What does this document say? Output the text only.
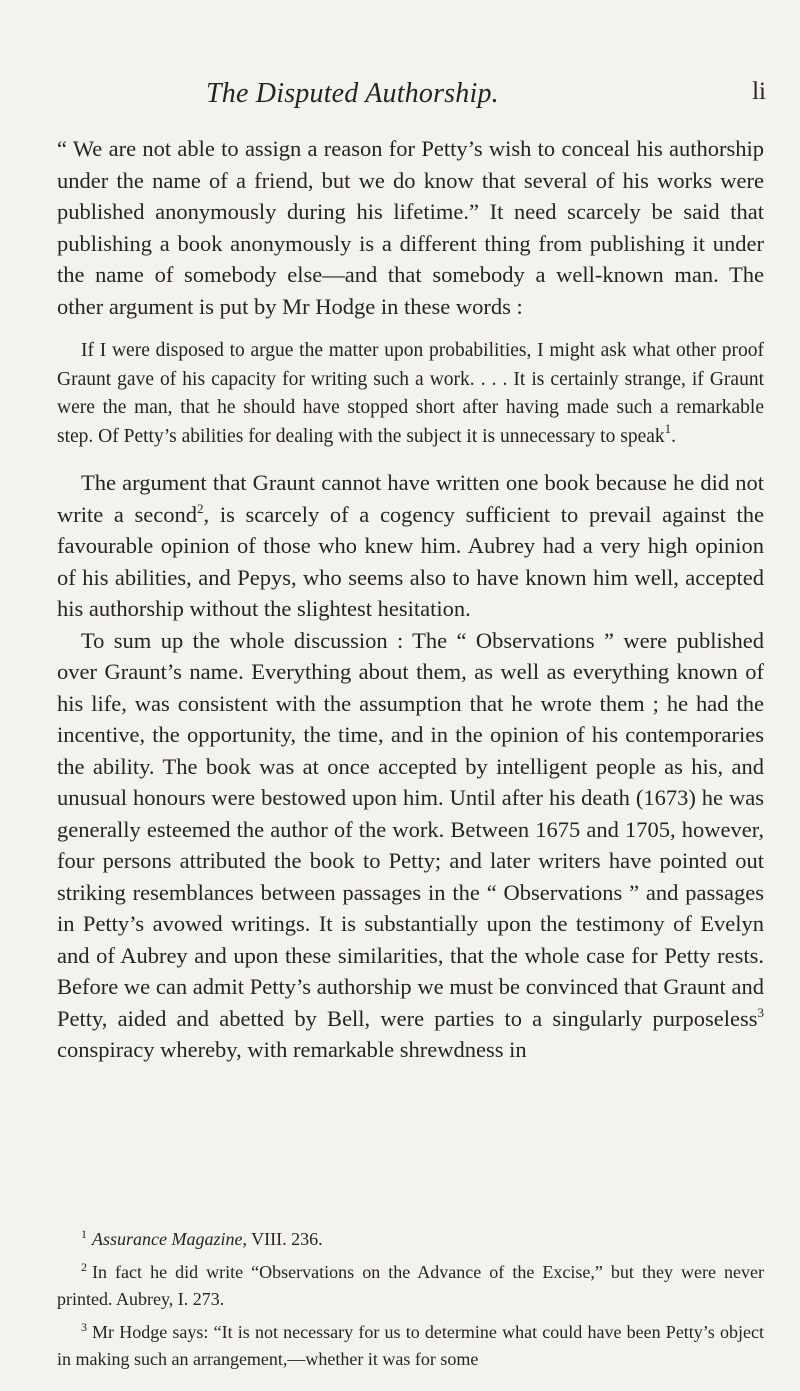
The Disputed Authorship.	li

“ We are not able to assign a reason for Petty’s wish to conceal his authorship under the name of a friend, but we do know that several of his works were published anonymously during his lifetime.” It need scarcely be said that publishing a book anonymously is a different thing from publishing it under the name of somebody else—and that somebody a well-known man. The other argument is put by Mr Hodge in these words :

If I were disposed to argue the matter upon probabilities, I might ask what other proof Graunt gave of his capacity for writing such a work. . . . It is certainly strange, if Graunt were the man, that he should have stopped short after having made such a remarkable step. Of Petty’s abilities for dealing with the subject it is unnecessary to speak$^1$.

The argument that Graunt cannot have written one book because he did not write a second$^2$, is scarcely of a cogency sufficient to prevail against the favourable opinion of those who knew him. Aubrey had a very high opinion of his abilities, and Pepys, who seems also to have known him well, accepted his authorship without the slightest hesitation.

To sum up the whole discussion : The “ Observations ” were published over Graunt’s name. Everything about them, as well as everything known of his life, was consistent with the assumption that he wrote them ; he had the incentive, the opportunity, the time, and in the opinion of his contemporaries the ability. The book was at once accepted by intelligent people as his, and unusual honours were bestowed upon him. Until after his death (1673) he was generally esteemed the author of the work. Between 1675 and 1705, however, four persons attributed the book to Petty; and later writers have pointed out striking resemblances between passages in the “ Observations ” and passages in Petty’s avowed writings. It is substantially upon the testimony of Evelyn and of Aubrey and upon these similarities, that the whole case for Petty rests. Before we can admit Petty’s authorship we must be convinced that Graunt and Petty, aided and abetted by Bell, were parties to a singularly purposeless$^3$ conspiracy whereby, with remarkable shrewdness in

$^1$ Assurance Magazine, VIII. 236.

$^2$ In fact he did write “Observations on the Advance of the Excise,” but they were never printed. Aubrey, I. 273.

$^3$ Mr Hodge says: “It is not necessary for us to determine what could have been Petty’s object in making such an arrangement,—whether it was for some
